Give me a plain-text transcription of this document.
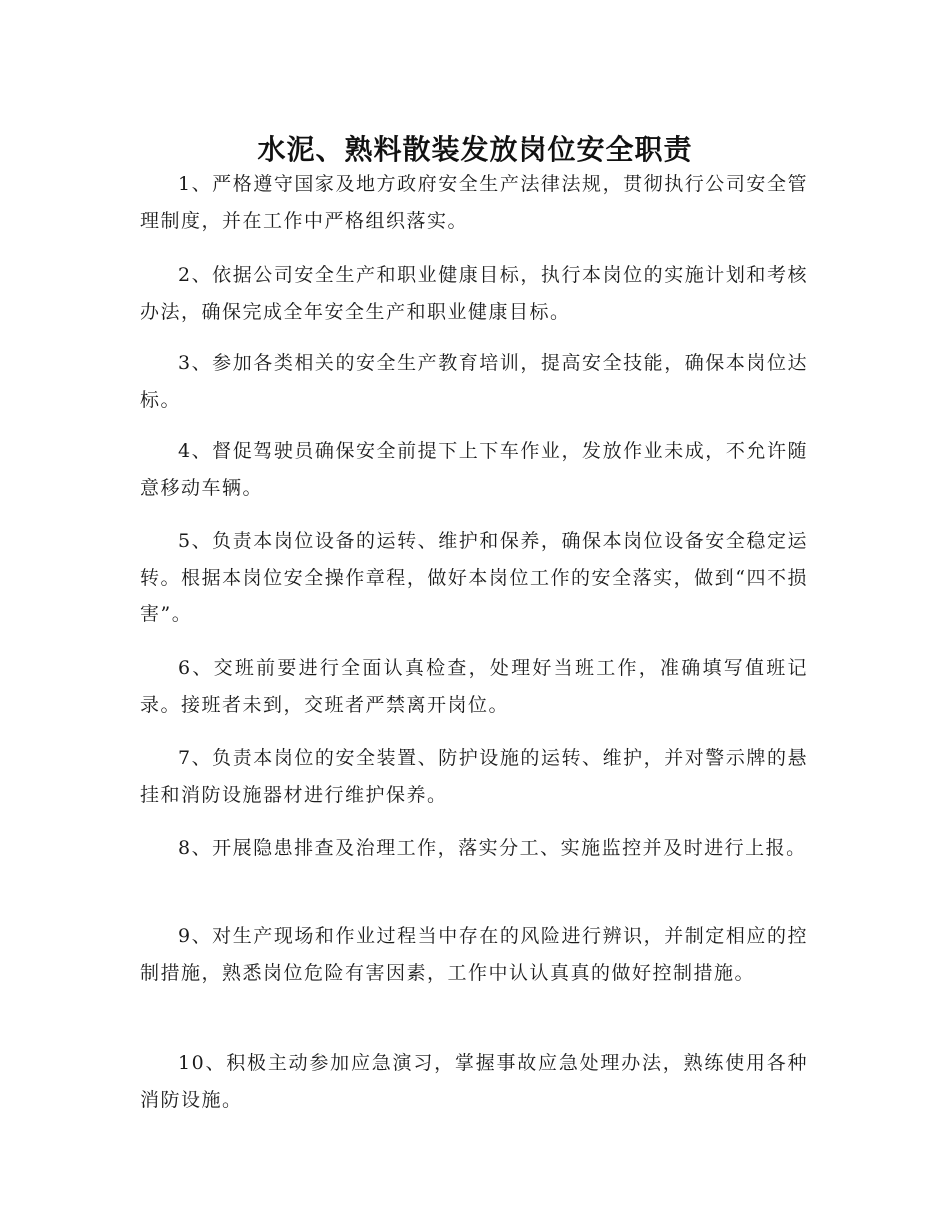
水泥、熟料散装发放岗位安全职责

1、严格遵守国家及地方政府安全生产法律法规，贯彻执行公司安全管理制度，并在工作中严格组织落实。

2、依据公司安全生产和职业健康目标，执行本岗位的实施计划和考核办法，确保完成全年安全生产和职业健康目标。

3、参加各类相关的安全生产教育培训，提高安全技能，确保本岗位达标。

4、督促驾驶员确保安全前提下上下车作业，发放作业未成，不允许随意移动车辆。

5、负责本岗位设备的运转、维护和保养，确保本岗位设备安全稳定运转。根据本岗位安全操作章程，做好本岗位工作的安全落实，做到“四不损害”。

6、交班前要进行全面认真检查，处理好当班工作，准确填写值班记录。接班者未到，交班者严禁离开岗位。

7、负责本岗位的安全装置、防护设施的运转、维护，并对警示牌的悬挂和消防设施器材进行维护保养。

8、开展隐患排查及治理工作，落实分工、实施监控并及时进行上报。

9、对生产现场和作业过程当中存在的风险进行辨识，并制定相应的控制措施，熟悉岗位危险有害因素，工作中认认真真的做好控制措施。

10、积极主动参加应急演习，掌握事故应急处理办法，熟练使用各种消防设施。
